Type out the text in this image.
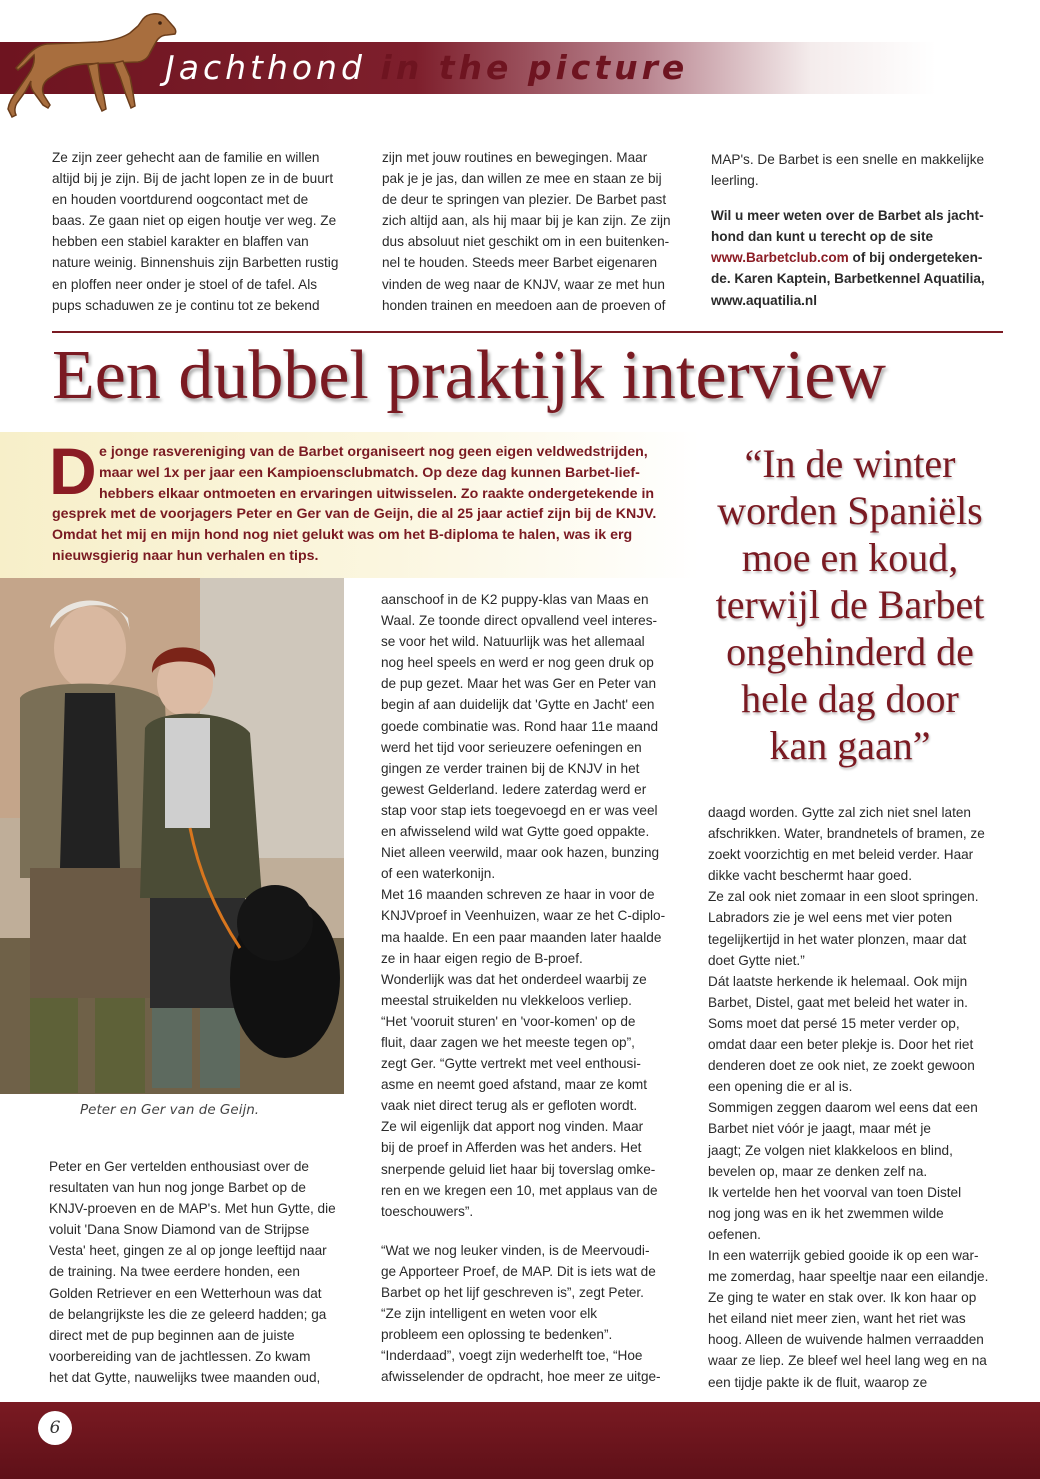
Jachthond in the picture

Ze zijn zeer gehecht aan de familie en willen

altijd bij je zijn. Bij de jacht lopen ze in de buurt

en houden voortdurend oogcontact met de

baas. Ze gaan niet op eigen houtje ver weg. Ze

hebben een stabiel karakter en blaffen van

nature weinig. Binnenshuis zijn Barbetten rustig

en ploffen neer onder je stoel of de tafel. Als

pups schaduwen ze je continu tot ze bekend

zijn met jouw routines en bewegingen. Maar

pak je je jas, dan willen ze mee en staan ze bij

de deur te springen van plezier. De Barbet past

zich altijd aan, als hij maar bij je kan zijn. Ze zijn

dus absoluut niet geschikt om in een buitenken-

nel te houden. Steeds meer Barbet eigenaren

vinden de weg naar de KNJV, waar ze met hun

honden trainen en meedoen aan de proeven of

MAP's. De Barbet is een snelle en makkelijke

leerling.

Wil u meer weten over de Barbet als jacht-

hond dan kunt u terecht op de site

www.Barbetclub.com of bij ondergeteken-

de. Karen Kaptein, Barbetkennel Aquatilia,

www.aquatilia.nl

Een dubbel praktijk interview
D e jonge rasvereniging van de Barbet organiseert nog geen eigen veldwedstrijden,
maar wel 1x per jaar een Kampioensclubmatch. Op deze dag kunnen Barbet-lief-
hebbers elkaar ontmoeten en ervaringen uitwisselen. Zo raakte ondergetekende in
gesprek met de voorjagers Peter en Ger van de Geijn, die al 25 jaar actief zijn bij de KNJV.
Omdat het mij en mijn hond nog niet gelukt was om het B-diploma te halen, was ik erg
nieuwsgierig naar hun verhalen en tips.
“In de winter
worden Spaniëls
moe en koud,
terwijl de Barbet
ongehinderd de
hele dag door
kan gaan”
Peter en Ger van de Geijn.

Peter en Ger vertelden enthousiast over de

resultaten van hun nog jonge Barbet op de

KNJV-proeven en de MAP's. Met hun Gytte, die

voluit 'Dana Snow Diamond van de Strijpse

Vesta' heet, gingen ze al op jonge leeftijd naar

de training. Na twee eerdere honden, een

Golden Retriever en een Wetterhoun was dat

de belangrijkste les die ze geleerd hadden; ga

direct met de pup beginnen aan de juiste

voorbereiding van de jachtlessen. Zo kwam

het dat Gytte, nauwelijks twee maanden oud,

aanschoof in de K2 puppy-klas van Maas en

Waal. Ze toonde direct opvallend veel interes-

se voor het wild. Natuurlijk was het allemaal

nog heel speels en werd er nog geen druk op

de pup gezet. Maar het was Ger en Peter van

begin af aan duidelijk dat 'Gytte en Jacht' een

goede combinatie was. Rond haar 11e maand

werd het tijd voor serieuzere oefeningen en

gingen ze verder trainen bij de KNJV in het

gewest Gelderland. Iedere zaterdag werd er

stap voor stap iets toegevoegd en er was veel

en afwisselend wild wat Gytte goed oppakte.

Niet alleen veerwild, maar ook hazen, bunzing

of een waterkonijn.

Met 16 maanden schreven ze haar in voor de

KNJVproef in Veenhuizen, waar ze het C-diplo-

ma haalde. En een paar maanden later haalde

ze in haar eigen regio de B-proef.

Wonderlijk was dat het onderdeel waarbij ze

meestal struikelden nu vlekkeloos verliep.

“Het 'vooruit sturen' en 'voor-komen' op de

fluit, daar zagen we het meeste tegen op”,

zegt Ger. “Gytte vertrekt met veel enthousi-

asme en neemt goed afstand, maar ze komt

vaak niet direct terug als er gefloten wordt.

Ze wil eigenlijk dat apport nog vinden. Maar

bij de proef in Afferden was het anders. Het

snerpende geluid liet haar bij toverslag omke-

ren en we kregen een 10, met applaus van de

toeschouwers”.

“Wat we nog leuker vinden, is de Meervoudi-

ge Apporteer Proef, de MAP. Dit is iets wat de

Barbet op het lijf geschreven is”, zegt Peter.

“Ze zijn intelligent en weten voor elk

probleem een oplossing te bedenken”.

“Inderdaad”, voegt zijn wederhelft toe, “Hoe

afwisselender de opdracht, hoe meer ze uitge-

daagd worden. Gytte zal zich niet snel laten

afschrikken. Water, brandnetels of bramen, ze

zoekt voorzichtig en met beleid verder. Haar

dikke vacht beschermt haar goed.

Ze zal ook niet zomaar in een sloot springen.

Labradors zie je wel eens met vier poten

tegelijkertijd in het water plonzen, maar dat

doet Gytte niet.”

Dát laatste herkende ik helemaal. Ook mijn

Barbet, Distel, gaat met beleid het water in.

Soms moet dat persé 15 meter verder op,

omdat daar een beter plekje is. Door het riet

denderen doet ze ook niet, ze zoekt gewoon

een opening die er al is.

Sommigen zeggen daarom wel eens dat een

Barbet niet vóór je jaagt, maar mét je

jaagt; Ze volgen niet klakkeloos en blind,

bevelen op, maar ze denken zelf na.

Ik vertelde hen het voorval van toen Distel

nog jong was en ik het zwemmen wilde

oefenen.

In een waterrijk gebied gooide ik op een war-

me zomerdag, haar speeltje naar een eilandje.

Ze ging te water en stak over. Ik kon haar op

het eiland niet meer zien, want het riet was

hoog. Alleen de wuivende halmen verraadden

waar ze liep. Ze bleef wel heel lang weg en na

een tijdje pakte ik de fluit, waarop ze

6
